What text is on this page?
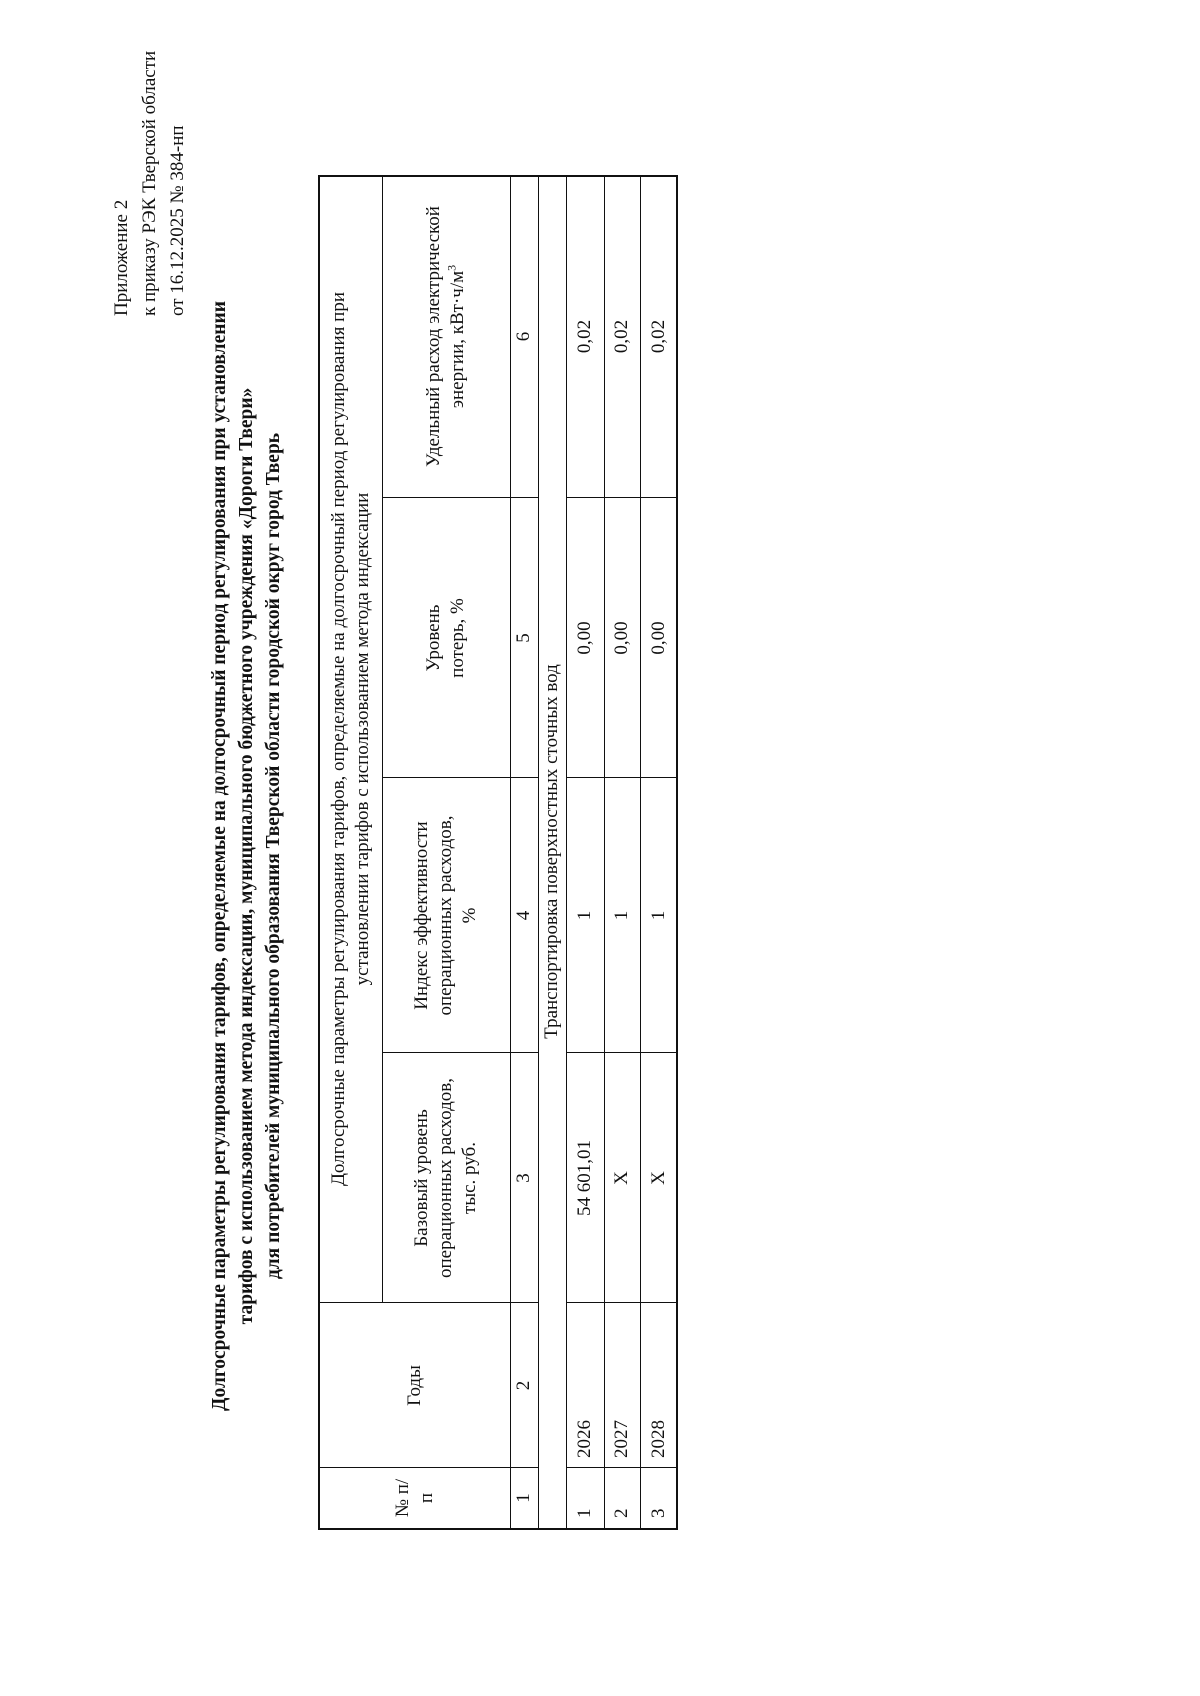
Приложение 2 к приказу РЭК Тверской области от 16.12.2025 № 384-нп
Долгосрочные параметры регулирования тарифов, определяемые на долгосрочный период регулирования при установлении тарифов с использованием метода индексации, муниципального бюджетного учреждения «Дороги Твери» для потребителей муниципального образования Тверской области городской округ город Тверь
№ п/п
Годы
Долгосрочные параметры регулирования тарифов, определяемые на долгосрочный период регулирования при установлении тарифов с использованием метода индексации	Индекс эффективности операционных расходов, %
Базовый уровень операционных расходов, тыс. руб.
Уровень потерь, %
Удельный расход электрической энергии, $кВт\cdot ч/м^3$
1
2
3
4
5
6
Транспортировка поверхностных сточных вод
1
2026
54 601,01
1
0,00
0,02
2
2027
X
1
0,00
0,02
3
2028
X
1
0,00
0,02
